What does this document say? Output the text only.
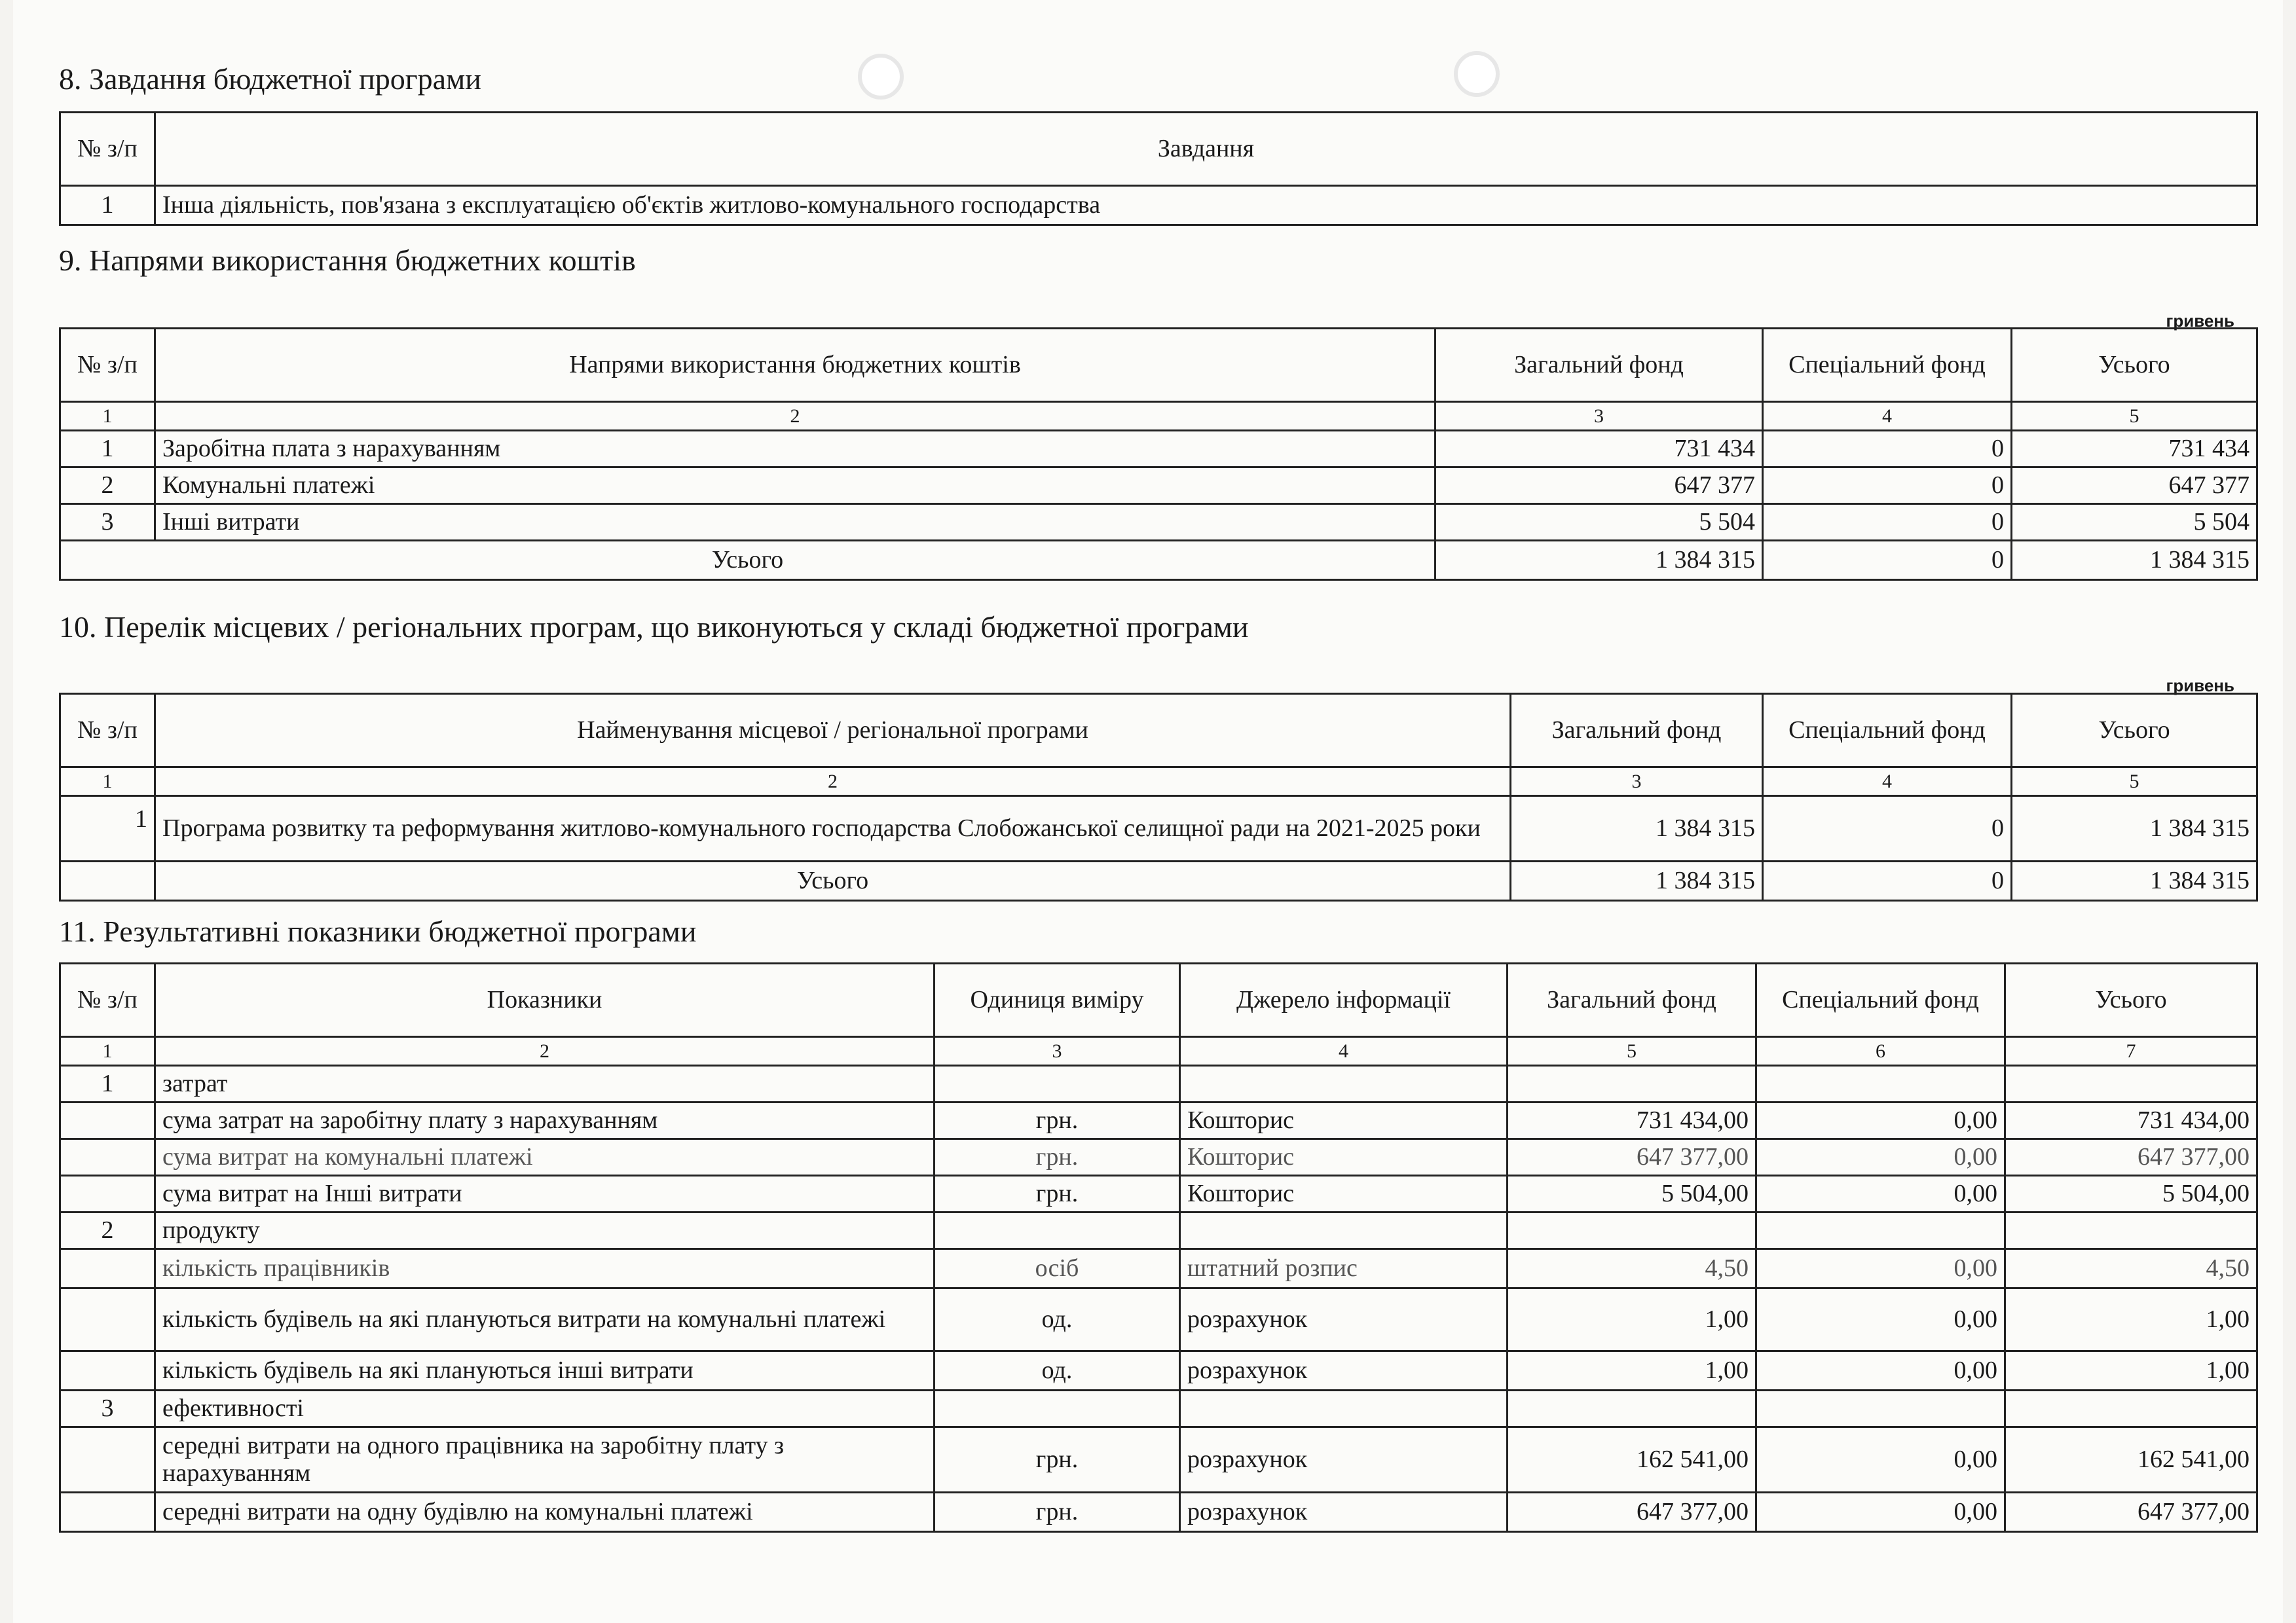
8. Завдання бюджетної програми
№ з/п	Завдання
1	Інша діяльність, пов'язана з експлуатацією об'єктів житлово-комунального господарства
9. Напрями використання бюджетних коштів
гривень
№ з/п	Напрями використання бюджетних коштів	Загальний фонд	Спеціальний фонд	Усього
1	2	3	4	5
1	Заробітна плата з нарахуванням	731 434	0	731 434
2	Комунальні платежі	647 377	0	647 377
3	Інші витрати	5 504	0	5 504
Усього		1 384 315	0	1 384 315
10. Перелік місцевих / регіональних програм, що виконуються у складі бюджетної програми
гривень
№ з/п	Найменування місцевої / регіональної програми	Загальний фонд	Спеціальний фонд	Усього
1	2	3	4	5
1	Програма розвитку та реформування житлово-комунального господарства Слобожанської селищної ради на 2021-2025 роки	1 384 315	0	1 384 315
	Усього	1 384 315	0	1 384 315
11. Результативні показники бюджетної програми
№ з/п	Показники	Одиниця виміру	Джерело інформації	Загальний фонд	Спеціальний фонд	Усього
1	2	3	4	5	6	7
1	затрат					
	сума затрат на заробітну плату з нарахуванням	грн.	Кошторис	731 434,00	0,00	731 434,00
	сума витрат на комунальні платежі	грн.	Кошторис	647 377,00	0,00	647 377,00
	сума витрат на Інші витрати	грн.	Кошторис	5 504,00	0,00	5 504,00
2	продукту					
	кількість працівників	осіб	штатний розпис	4,50	0,00	4,50
	кількість будівель на які плануються витрати на комунальні платежі	од.	розрахунок	1,00	0,00	1,00
	кількість будівель на які плануються інші витрати	од.	розрахунок	1,00	0,00	1,00
3	ефективності					
	середні витрати на одного працівника на заробітну плату з нарахуванням	грн.	розрахунок	162 541,00	0,00	162 541,00
	середні витрати на одну будівлю на комунальні платежі	грн.	розрахунок	647 377,00	0,00	647 377,00
